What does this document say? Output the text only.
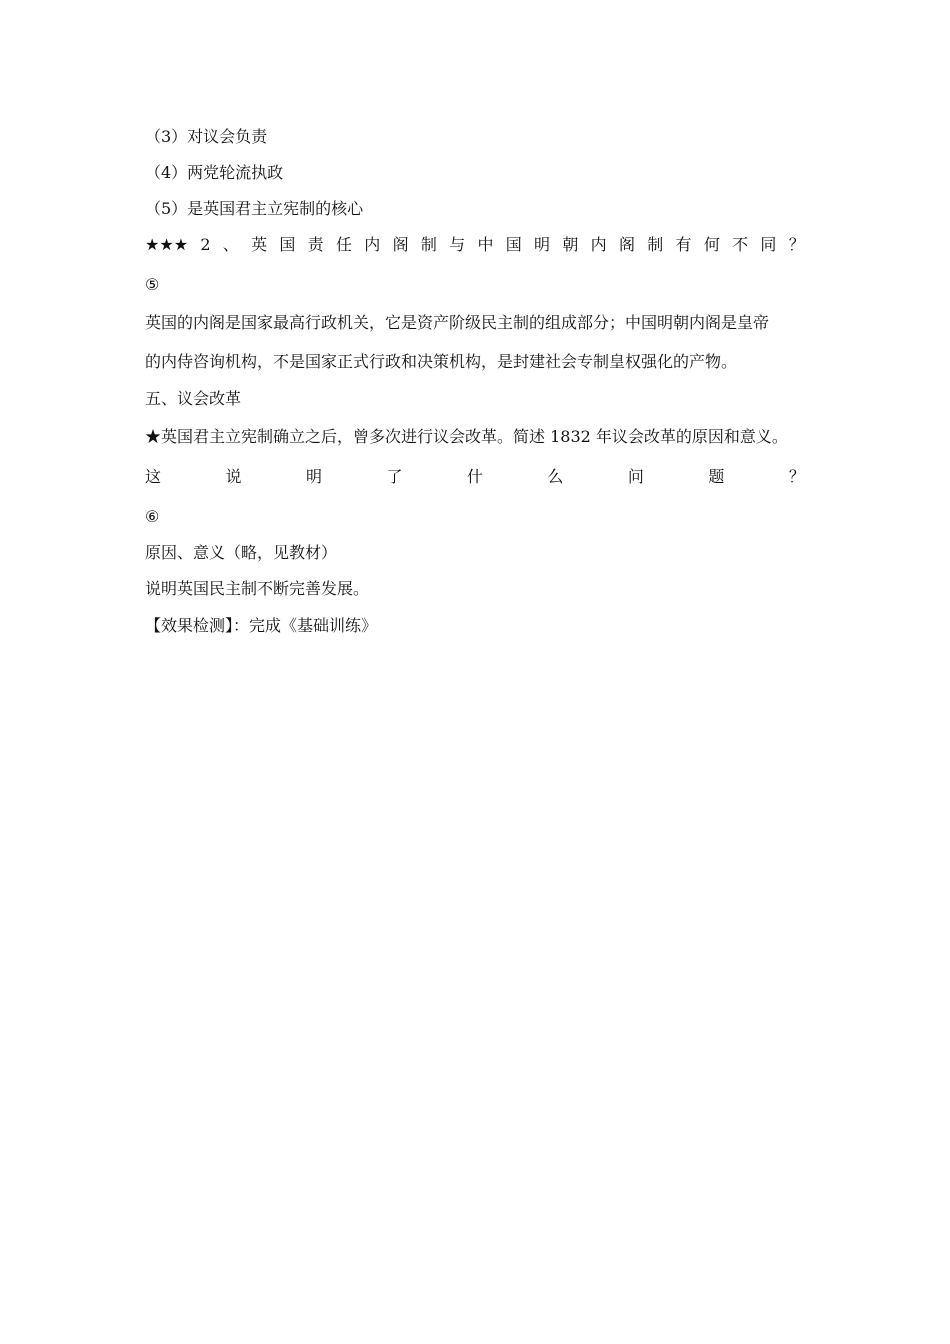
（3）对议会负责
（4）两党轮流执政
（5）是英国君主立宪制的核心
★★★ 2 、 英 国 责 任 内 阁 制 与 中 国 明 朝 内 阁 制 有 何 不 同 ？
⑤
英国的内阁是国家最高行政机关，它是资产阶级民主制的组成部分；中国明朝内阁是皇帝
的内侍咨询机构，不是国家正式行政和决策机构，是封建社会专制皇权强化的产物。
五、议会改革
★英国君主立宪制确立之后，曾多次进行议会改革。简述 1832 年议会改革的原因和意义。
这	说	明	了	什	么	问	题	？
⑥
原因、意义（略，见教材）
说明英国民主制不断完善发展。
【效果检测】：完成《基础训练》
